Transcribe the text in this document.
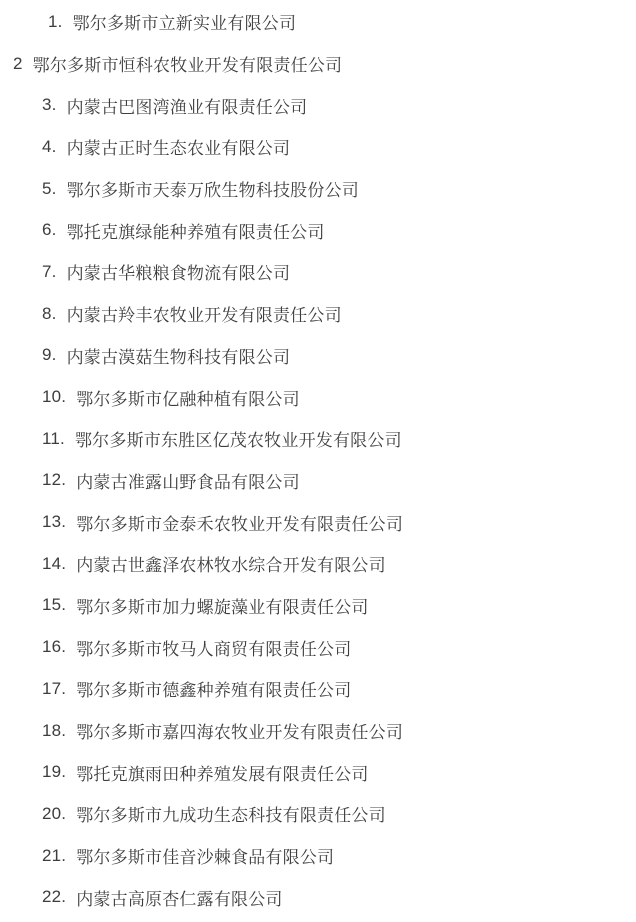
1. 鄂尔多斯市立新实业有限公司
2 鄂尔多斯市恒科农牧业开发有限责任公司
3. 内蒙古巴图湾渔业有限责任公司
4. 内蒙古正时生态农业有限公司
5. 鄂尔多斯市天泰万欣生物科技股份公司
6. 鄂托克旗绿能种养殖有限责任公司
7. 内蒙古华粮粮食物流有限公司
8. 内蒙古羚丰农牧业开发有限责任公司
9. 内蒙古漠菇生物科技有限公司
10. 鄂尔多斯市亿融种植有限公司
11. 鄂尔多斯市东胜区亿茂农牧业开发有限公司
12. 内蒙古准露山野食品有限公司
13. 鄂尔多斯市金泰禾农牧业开发有限责任公司
14. 内蒙古世鑫泽农林牧水综合开发有限公司
15. 鄂尔多斯市加力螺旋藻业有限责任公司
16. 鄂尔多斯市牧马人商贸有限责任公司
17. 鄂尔多斯市德鑫种养殖有限责任公司
18. 鄂尔多斯市嘉四海农牧业开发有限责任公司
19. 鄂托克旗雨田种养殖发展有限责任公司
20. 鄂尔多斯市九成功生态科技有限责任公司
21. 鄂尔多斯市佳音沙棘食品有限公司
22. 内蒙古高原杏仁露有限公司
